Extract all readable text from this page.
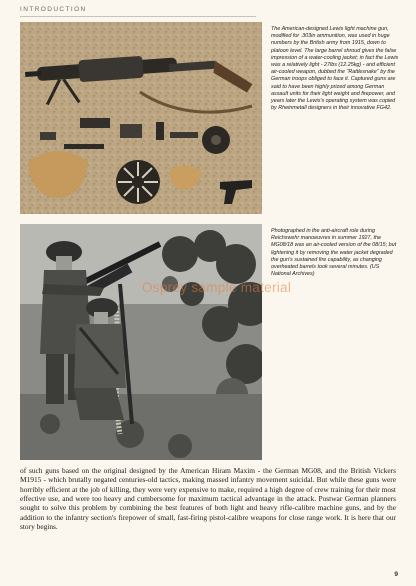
INTRODUCTION
The American-designed Lewis light machine gun, modified for .303in ammunition, was used in huge numbers by the British army from 1915, down to platoon level. The large barrel shroud gives the false impression of a water-cooling jacket; in fact the Lewis was a relatively light - 27lbs (12.25kg) - and efficient air-cooled weapon, dubbed the "Rattlesnake" by the German troops obliged to face it. Captured guns are said to have been highly prized among German assault units for their light weight and firepower, and years later the Lewis's operating system was copied by Rheinmetall designers in their innovative FG42.
Photographed in the anti-aircraft role during Reichswehr manoeuvres in summer 1927, the MG08/18 was an air-cooled version of the 08/15; but lightening it by removing the water jacket degraded the gun's sustained fire capability, as changing overheated barrels took several minutes. (US National Archives)
Osprey sample material
of such guns based on the original designed by the American Hiram Maxim - the German MG08, and the British Vickers M1915 - which brutally negated centuries-old tactics, making massed infantry movement suicidal. But while these guns were horribly efficient at the job of killing, they were very expensive to make, required a high degree of crew training for their most effective use, and were too heavy and cumbersome for maximum tactical advantage in the attack. Postwar German planners sought to solve this problem by combining the best features of both light and heavy rifle-calibre machine guns, and by the addition to the infantry section's firepower of small, fast-firing pistol-calibre weapons for close range work. It is here that our story begins.
9
